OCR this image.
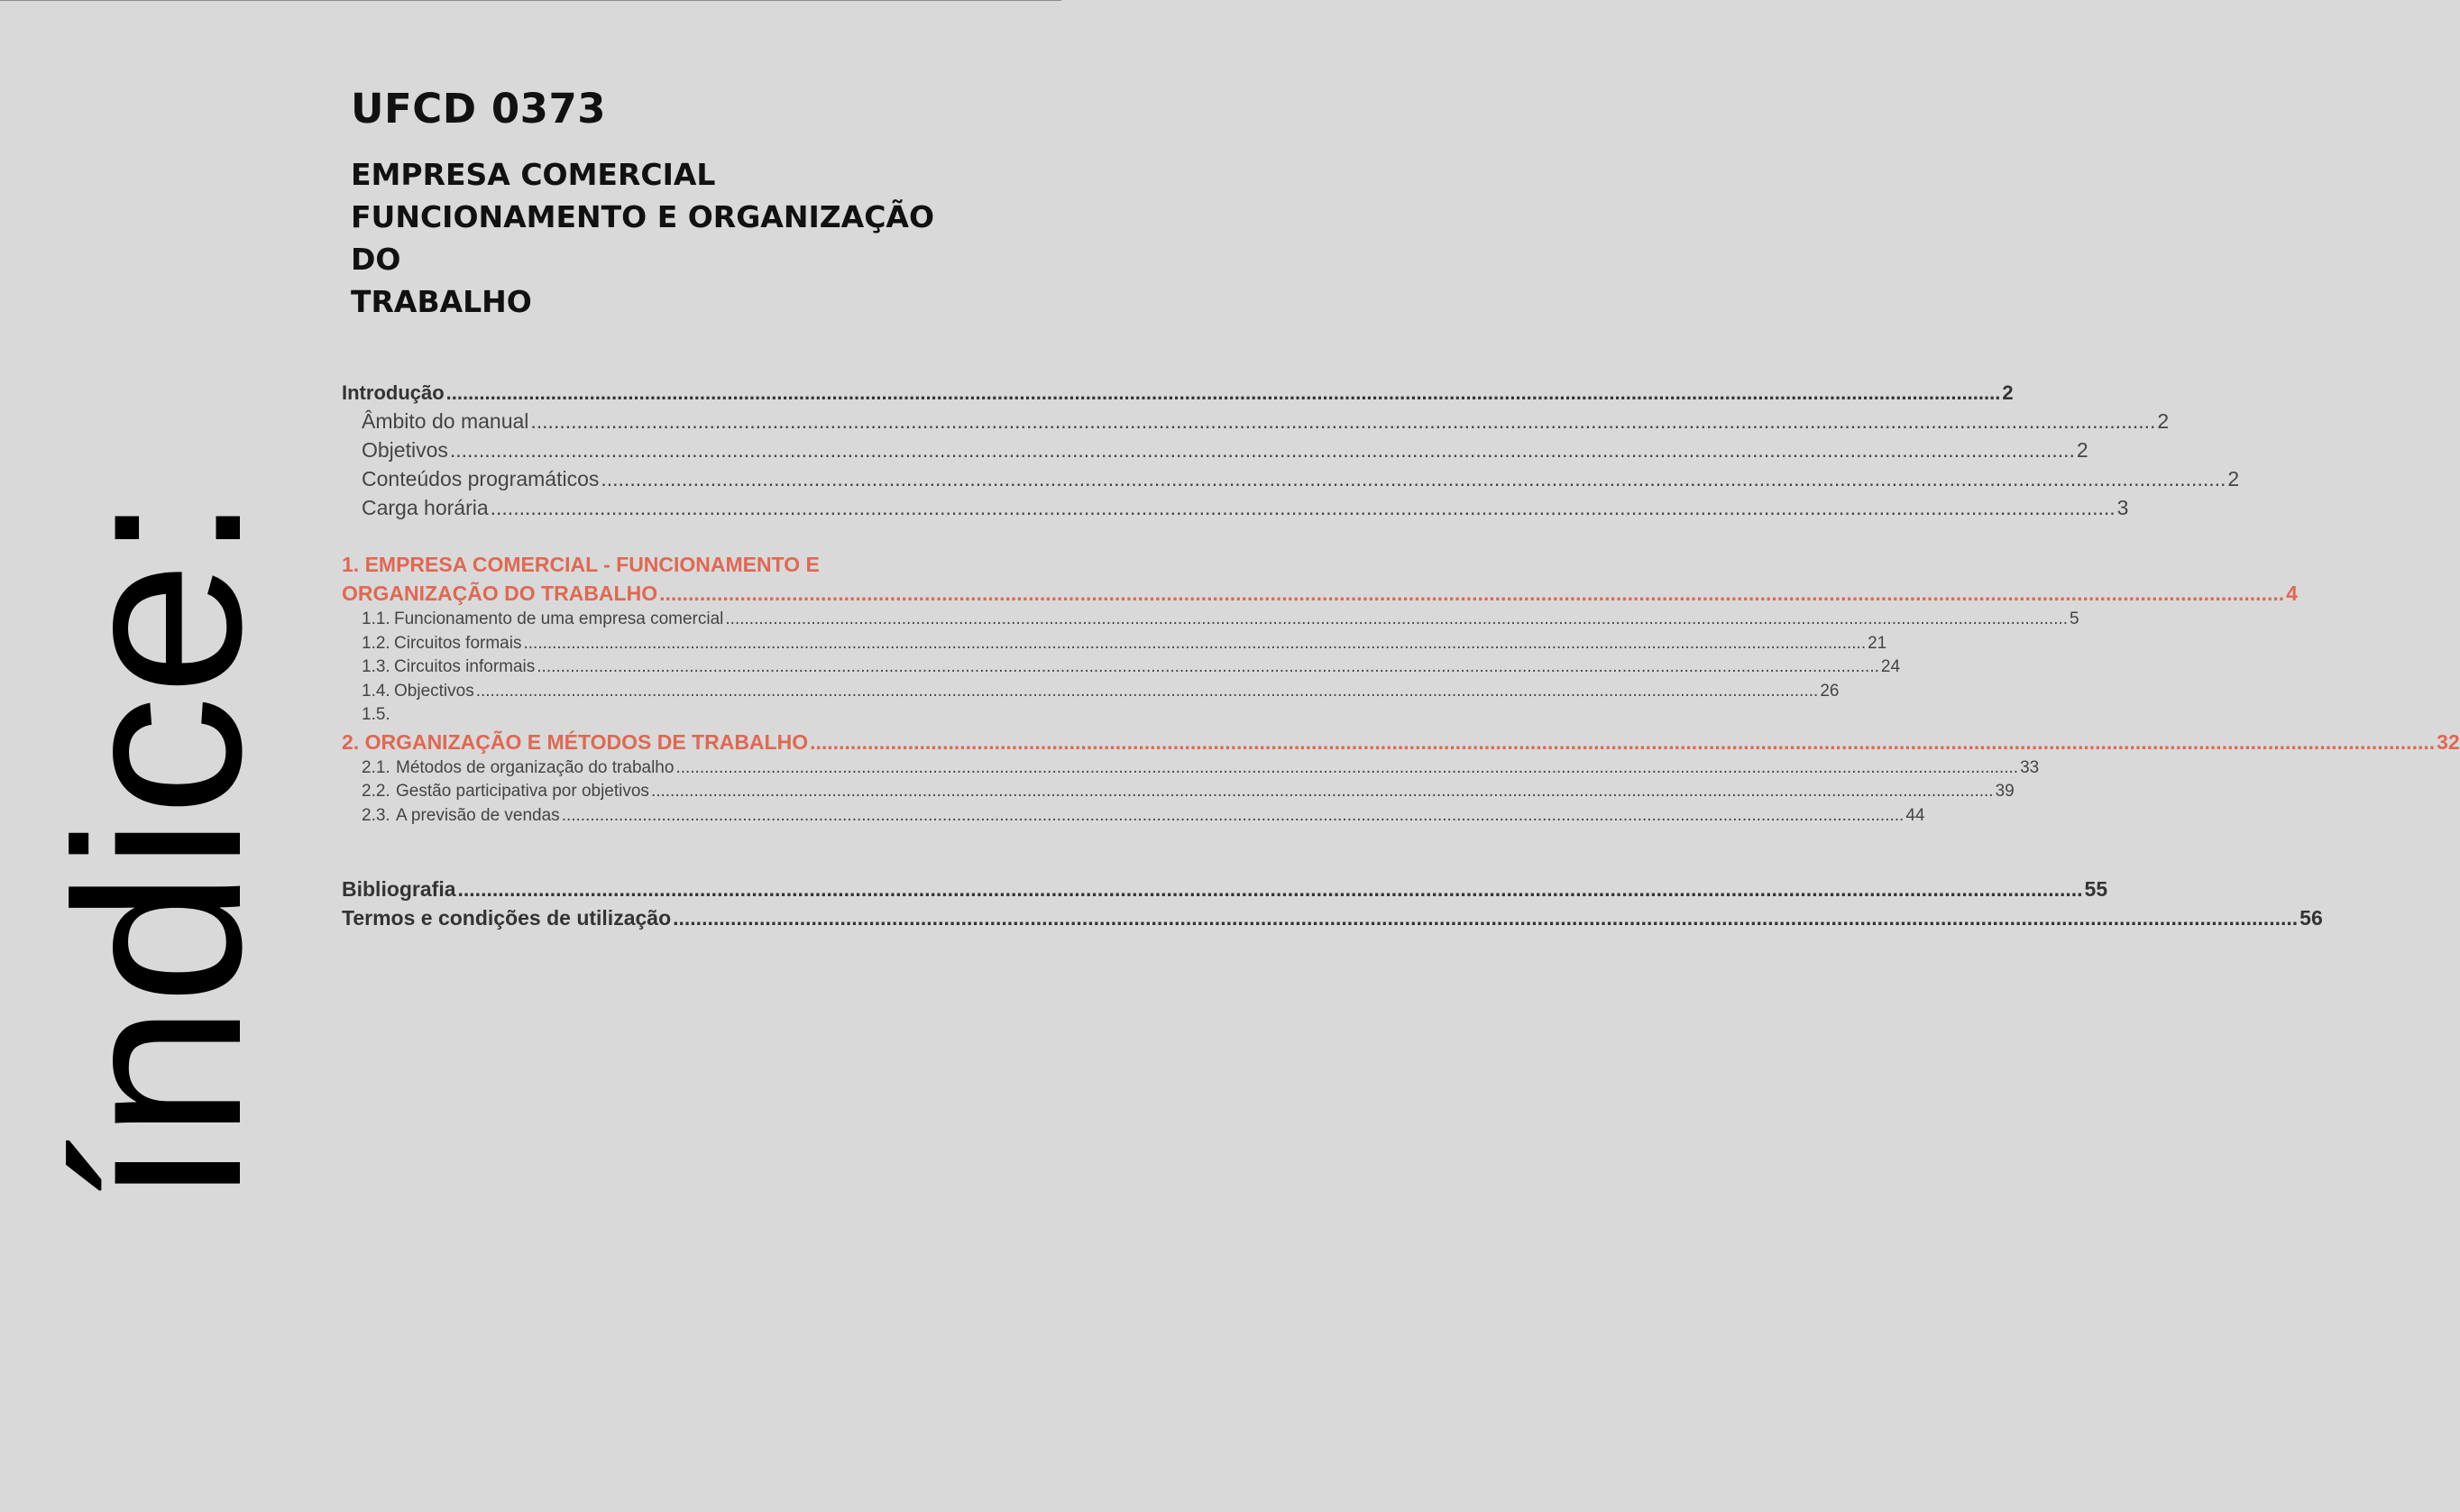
índice:
UFCD 0373
EMPRESA COMERCIAL
FUNCIONAMENTO E ORGANIZAÇÃO DO
TRABALHO
Introdução .....	2
Âmbito do manual .....	2
Objetivos .....	2
Conteúdos programáticos .....	2
Carga horária .....	3
1. EMPRESA COMERCIAL - FUNCIONAMENTO E
ORGANIZAÇÃO DO TRABALHO .....	4
1.1. Funcionamento de uma empresa comercial .....	5
1.2. Circuitos formais .....	21
1.3. Circuitos informais .....	24
1.4. Objectivos .....	26
1.5.
2. ORGANIZAÇÃO E MÉTODOS DE TRABALHO .....	32
2.1. Métodos de organização do trabalho .....	33
2.2. Gestão participativa por objetivos .....	39
2.3. A previsão de vendas .....	44
Bibliografia .....	55
Termos e condições de utilização .....	56
